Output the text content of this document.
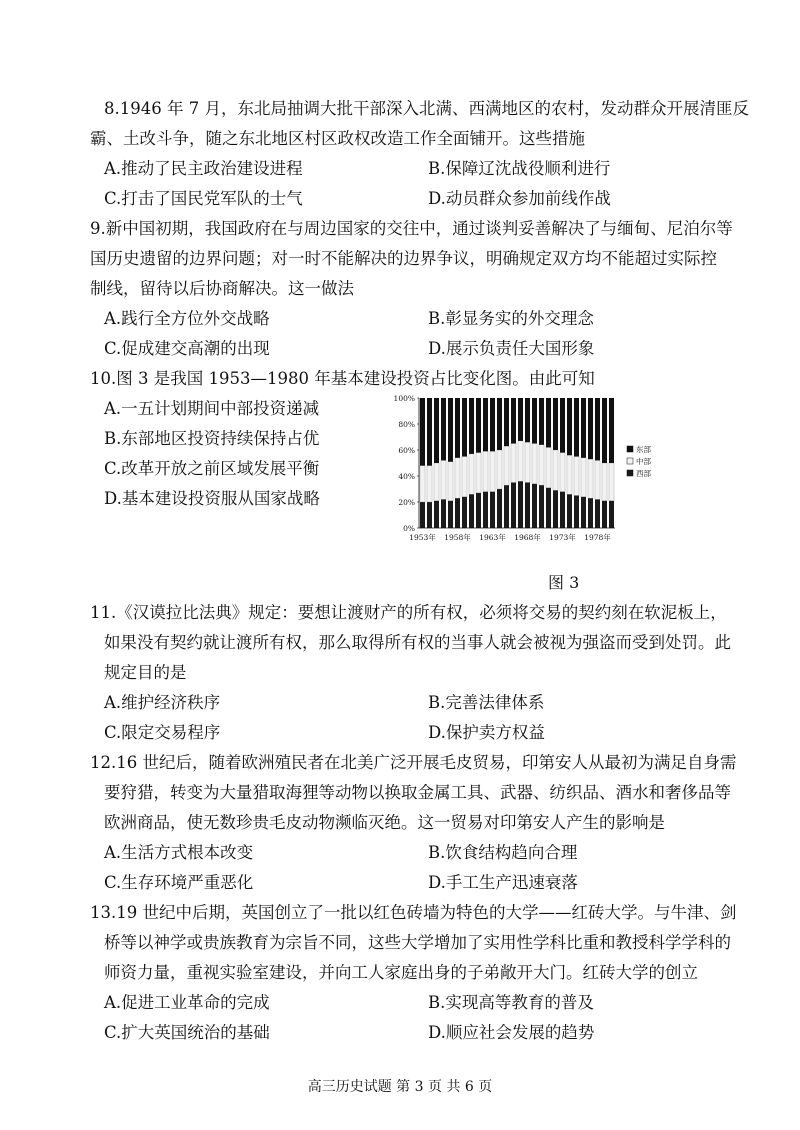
8.1946 年 7 月，东北局抽调大批干部深入北满、西满地区的农村，发动群众开展清匪反
霸、土改斗争，随之东北地区村区政权改造工作全面铺开。这些措施
A.推动了民主政治建设进程	B.保障辽沈战役顺利进行
C.打击了国民党军队的士气	D.动员群众参加前线作战
9.新中国初期，我国政府在与周边国家的交往中，通过谈判妥善解决了与缅甸、尼泊尔等
国历史遗留的边界问题；对一时不能解决的边界争议，明确规定双方均不能超过实际控
制线，留待以后协商解决。这一做法
A.践行全方位外交战略	B.彰显务实的外交理念
C.促成建交高潮的出现	D.展示负责任大国形象
10.图 3 是我国 1953—1980 年基本建设投资占比变化图。由此可知
A.一五计划期间中部投资递减
B.东部地区投资持续保持占优
C.改革开放之前区域发展平衡
D.基本建设投资服从国家战略
0%
20%
40%
60%
80%
100%
1953年 1958年 1963年 1968年 1973年 1978年
东部
中部
西部
图 3
11.《汉谟拉比法典》规定：要想让渡财产的所有权，必须将交易的契约刻在软泥板上，
如果没有契约就让渡所有权，那么取得所有权的当事人就会被视为强盗而受到处罚。此
规定目的是
A.维护经济秩序	B.完善法律体系
C.限定交易程序	D.保护卖方权益
12.16 世纪后，随着欧洲殖民者在北美广泛开展毛皮贸易，印第安人从最初为满足自身需
要狩猎，转变为大量猎取海狸等动物以换取金属工具、武器、纺织品、酒水和奢侈品等
欧洲商品，使无数珍贵毛皮动物濒临灭绝。这一贸易对印第安人产生的影响是
A.生活方式根本改变	B.饮食结构趋向合理
C.生存环境严重恶化	D.手工生产迅速衰落
13.19 世纪中后期，英国创立了一批以红色砖墙为特色的大学——红砖大学。与牛津、剑
桥等以神学或贵族教育为宗旨不同，这些大学增加了实用性学科比重和教授科学学科的
师资力量，重视实验室建设，并向工人家庭出身的子弟敞开大门。红砖大学的创立
A.促进工业革命的完成	B.实现高等教育的普及
C.扩大英国统治的基础	D.顺应社会发展的趋势
高三历史试题 第 3 页 共 6 页
